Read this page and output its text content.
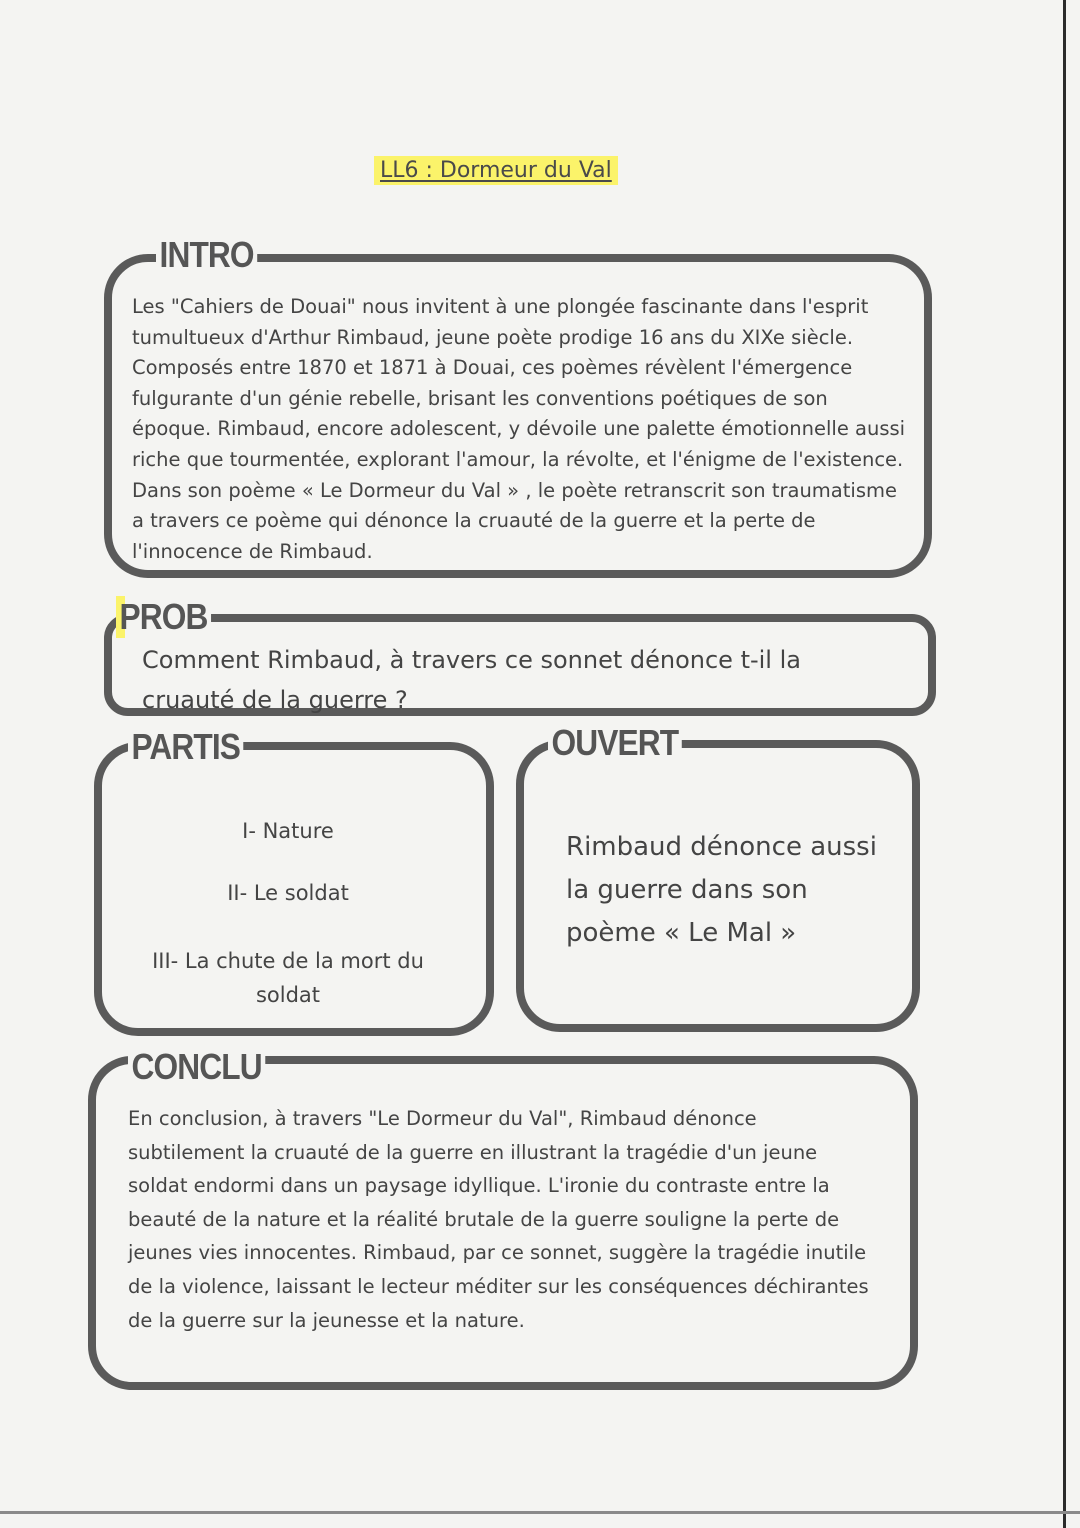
LL6 : Dormeur du Val
INTRO
Les "Cahiers de Douai" nous invitent à une plongée fascinante dans l'esprit tumultueux d'Arthur Rimbaud, jeune poète prodige 16 ans du XIXe siècle. Composés entre 1870 et 1871 à Douai, ces poèmes révèlent l'émergence fulgurante d'un génie rebelle, brisant les conventions poétiques de son époque. Rimbaud, encore adolescent, y dévoile une palette émotionnelle aussi riche que tourmentée, explorant l'amour, la révolte, et l'énigme de l'existence. Dans son poème « Le Dormeur du Val » , le poète retranscrit son traumatisme a travers ce poème qui dénonce la cruauté de la guerre et la perte de l'innocence de Rimbaud.
PROB
Comment Rimbaud, à travers ce sonnet dénonce t-il la cruauté de la guerre ?
PARTIS
I- Nature
II- Le soldat
III- La chute de la mort du soldat
OUVERT
Rimbaud dénonce aussi la guerre dans son poème « Le Mal »
CONCLU
En conclusion, à travers "Le Dormeur du Val", Rimbaud dénonce subtilement la cruauté de la guerre en illustrant la tragédie d'un jeune soldat endormi dans un paysage idyllique. L'ironie du contraste entre la beauté de la nature et la réalité brutale de la guerre souligne la perte de jeunes vies innocentes. Rimbaud, par ce sonnet, suggère la tragédie inutile de la violence, laissant le lecteur méditer sur les conséquences déchirantes de la guerre sur la jeunesse et la nature.
